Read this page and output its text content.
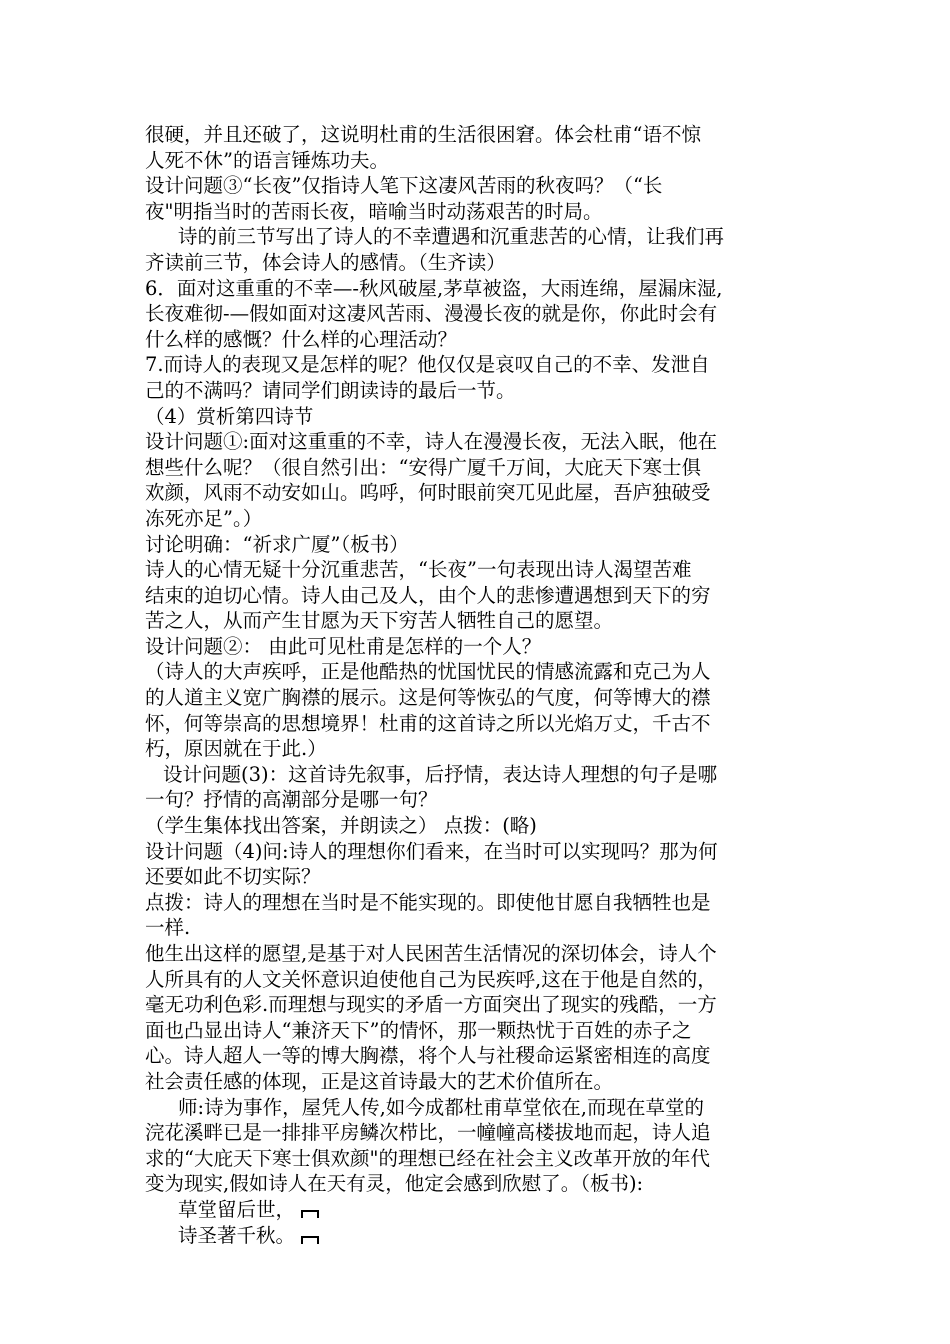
很硬，并且还破了，这说明杜甫的生活很困窘。体会杜甫“语不惊

人死不休”的语言锤炼功夫。

设计问题③“长夜”仅指诗人笔下这凄风苦雨的秋夜吗？（“长

夜"明指当时的苦雨长夜，暗喻当时动荡艰苦的时局。

诗的前三节写出了诗人的不幸遭遇和沉重悲苦的心情，让我们再

齐读前三节，体会诗人的感情。（生齐读）

6．面对这重重的不幸—-秋风破屋,茅草被盗，大雨连绵，屋漏床湿,

长夜难彻-—假如面对这凄风苦雨、漫漫长夜的就是你，你此时会有

什么样的感慨？什么样的心理活动？

7.而诗人的表现又是怎样的呢？他仅仅是哀叹自己的不幸、发泄自

己的不满吗？请同学们朗读诗的最后一节。

（4）赏析第四诗节

设计问题①:面对这重重的不幸，诗人在漫漫长夜，无法入眠，他在

想些什么呢？（很自然引出：“安得广厦千万间，大庇天下寒士俱

欢颜，风雨不动安如山。呜呼，何时眼前突兀见此屋，吾庐独破受

冻死亦足”。）

讨论明确：“祈求广厦”（板书）

诗人的心情无疑十分沉重悲苦，“长夜”一句表现出诗人渴望苦难

结束的迫切心情。诗人由己及人，由个人的悲惨遭遇想到天下的穷

苦之人，从而产生甘愿为天下穷苦人牺牲自己的愿望。

设计问题②： 由此可见杜甫是怎样的一个人？

（诗人的大声疾呼，正是他酷热的忧国忧民的情感流露和克己为人

的人道主义宽广胸襟的展示。这是何等恢弘的气度，何等博大的襟

怀，何等崇高的思想境界！杜甫的这首诗之所以光焰万丈，千古不

朽，原因就在于此.）

设计问题(3)：这首诗先叙事，后抒情，表达诗人理想的句子是哪

一句？抒情的高潮部分是哪一句？

（学生集体找出答案，并朗读之） 点拨：(略)

设计问题（4)问:诗人的理想你们看来，在当时可以实现吗？那为何

还要如此不切实际？

点拨：诗人的理想在当时是不能实现的。即使他甘愿自我牺牲也是

一样.

他生出这样的愿望,是基于对人民困苦生活情况的深切体会，诗人个

人所具有的人文关怀意识迫使他自己为民疾呼,这在于他是自然的，

毫无功利色彩.而理想与现实的矛盾一方面突出了现实的残酷，一方

面也凸显出诗人“兼济天下”的情怀，那一颗热忧于百姓的赤子之

心。诗人超人一等的博大胸襟，将个人与社稷命运紧密相连的高度

社会责任感的体现，正是这首诗最大的艺术价值所在。

师:诗为事作，屋凭人传,如今成都杜甫草堂依在,而现在草堂的

浣花溪畔已是一排排平房鳞次栉比，一幢幢高楼拔地而起，诗人追

求的“大庇天下寒士俱欢颜"的理想已经在社会主义改革开放的年代

变为现实,假如诗人在天有灵，他定会感到欣慰了。（板书):

草堂留后世，

诗圣著千秋。
